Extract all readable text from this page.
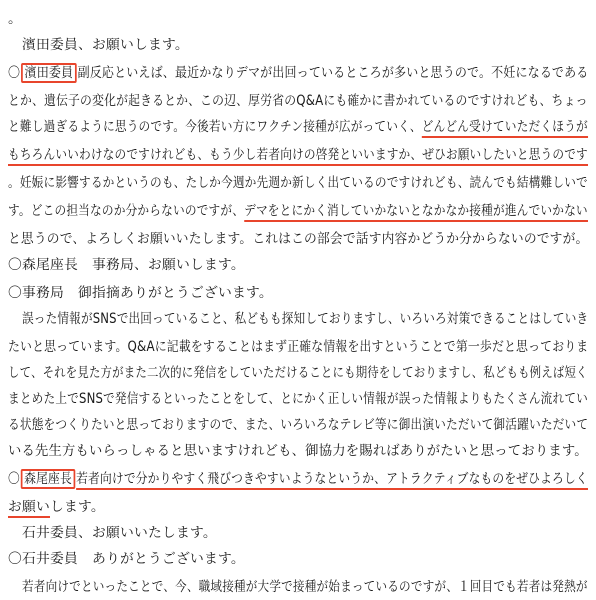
。
濱田委員、お願いします。
〇 濱田委員 副反応といえば、最近かなりデマが出回っているところが多いと思うので。不妊になるである
とか、遺伝子の変化が起きるとか、この辺、厚労省のQ&Aにも確かに書かれているのですけれども、ちょっ
と難し過ぎるように思うのです。今後若い方にワクチン接種が広がっていく、どんどん受けていただくほうが
もちろんいいわけなのですけれども、もう少し若者向けの啓発といいますか、ぜひお願いしたいと思うのです
。妊娠に影響するかというのも、たしか今週か先週か新しく出ているのですけれども、読んでも結構難しいで
す。どこの担当なのか分からないのですが、デマをとにかく消していかないとなかなか接種が進んでいかない
と思うので、よろしくお願いいたします。これはこの部会で話す内容かどうか分からないのですが。
〇森尾座長　事務局、お願いします。
〇事務局　御指摘ありがとうございます。
誤った情報がSNSで出回っていること、私どもも探知しておりますし、いろいろ対策できることはしていき
たいと思っています。Q&Aに記載をすることはまず正確な情報を出すということで第一歩だと思っておりま
して、それを見た方がまた二次的に発信をしていただけることにも期待をしておりますし、私どもも例えば短く
まとめた上でSNSで発信するといったことをして、とにかく正しい情報が誤った情報よりもたくさん流れてい
る状態をつくりたいと思っておりますので、また、いろいろなテレビ等に御出演いただいて御活躍いただいて
いる先生方もいらっしゃると思いますけれども、御協力を賜ればありがたいと思っております。
〇 森尾座長 若者向けで分かりやすく飛びつきやすいようなというか、アトラクティブなものをぜひよろしく
お願いします。
石井委員、お願いいたします。
〇石井委員　ありがとうございます。
若者向けでといったことで、今、職域接種が大学で接種が始まっているのですが、１回目でも若者は発熱が
